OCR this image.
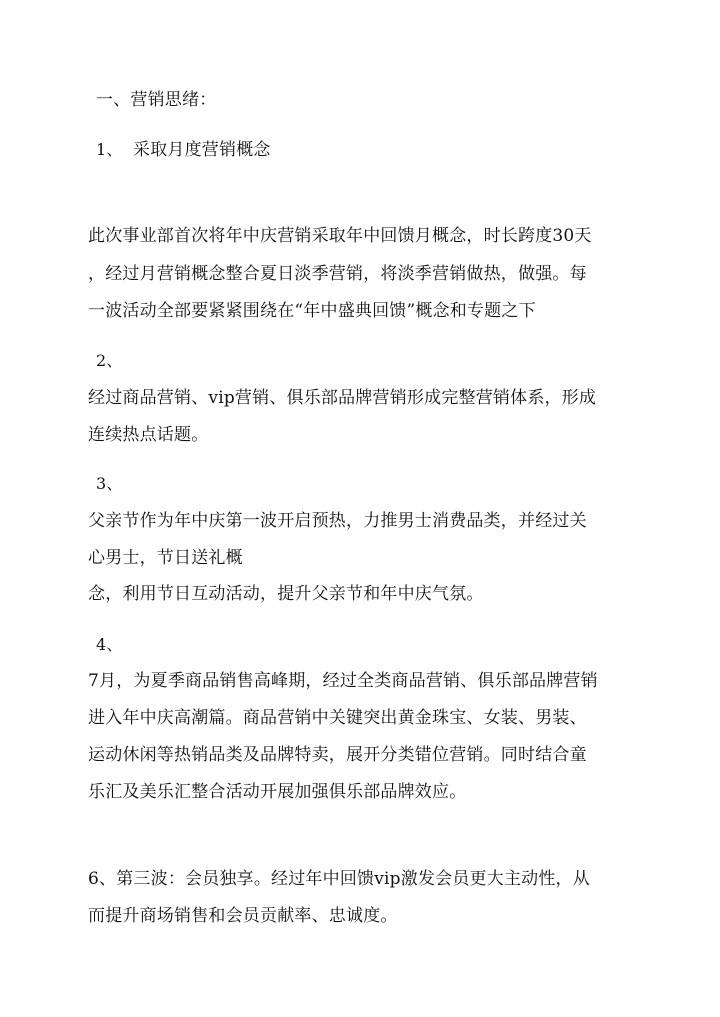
一、营销思绪：
1、 采取月度营销概念
此次事业部首次将年中庆营销采取年中回馈月概念，时长跨度30天
，经过月营销概念整合夏日淡季营销，将淡季营销做热，做强。每
一波活动全部要紧紧围绕在“年中盛典回馈”概念和专题之下
2、
经过商品营销、vip营销、俱乐部品牌营销形成完整营销体系，形成
连续热点话题。
3、
父亲节作为年中庆第一波开启预热，力推男士消费品类，并经过关
心男士，节日送礼概
念，利用节日互动活动，提升父亲节和年中庆气氛。
4、
7月，为夏季商品销售高峰期，经过全类商品营销、俱乐部品牌营销
进入年中庆高潮篇。商品营销中关键突出黄金珠宝、女装、男装、
运动休闲等热销品类及品牌特卖，展开分类错位营销。同时结合童
乐汇及美乐汇整合活动开展加强俱乐部品牌效应。
6、第三波：会员独享。经过年中回馈vip激发会员更大主动性，从
而提升商场销售和会员贡献率、忠诚度。
